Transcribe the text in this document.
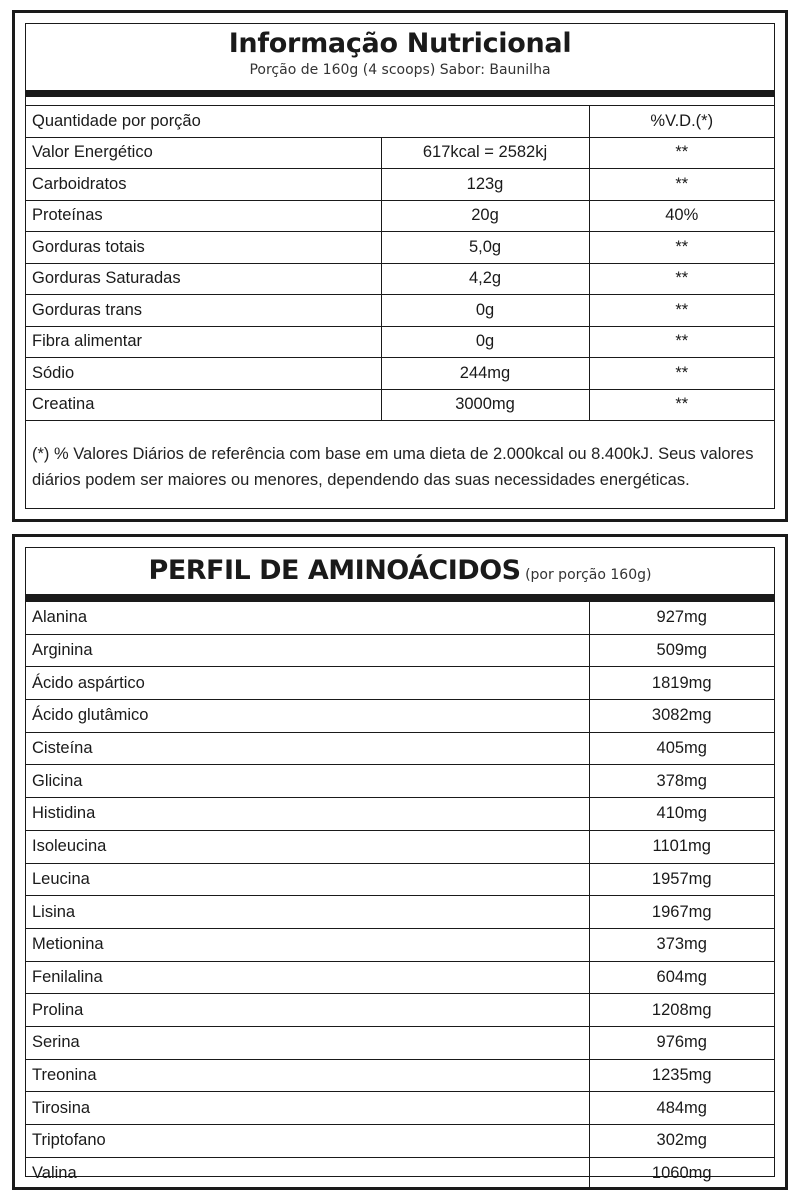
Informação Nutricional
Porção de 160g (4 scoops) Sabor: Baunilha
Quantidade por porção		%V.D.(*)
Valor Energético	617kcal = 2582kj	**
Carboidratos	123g	**
Proteínas	20g	40%
Gorduras totais	5,0g	**
Gorduras Saturadas	4,2g	**
Gorduras trans	0g	**
Fibra alimentar	0g	**
Sódio	244mg	**
Creatina	3000mg	**
(*) % Valores Diários de referência com base em uma dieta de 2.000kcal ou 8.400kJ. Seus valores diários podem ser maiores ou menores, dependendo das suas necessidades energéticas.
PERFIL DE AMINOÁCIDOS (por porção 160g)
Alanina	927mg
Arginina	509mg
Ácido aspártico	1819mg
Ácido glutâmico	3082mg
Cisteína	405mg
Glicina	378mg
Histidina	410mg
Isoleucina	1101mg
Leucina	1957mg
Lisina	1967mg
Metionina	373mg
Fenilalina	604mg
Prolina	1208mg
Serina	976mg
Treonina	1235mg
Tirosina	484mg
Triptofano	302mg
Valina	1060mg
